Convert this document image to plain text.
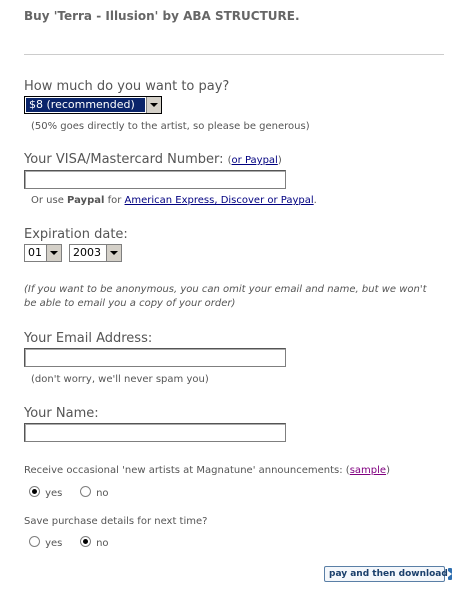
Buy 'Terra - Illusion' by ABA STRUCTURE.
How much do you want to pay?
$8 (recommended)
(50% goes directly to the artist, so please be generous)
Your VISA/Mastercard Number: (or Paypal)
Or use Paypal for American Express, Discover or Paypal.
Expiration date:
01	2003
(If you want to be anonymous, you can omit your email and name, but we won't
be able to email you a copy of your order)
Your Email Address:
(don't worry, we'll never spam you)
Your Name:
Receive occasional 'new artists at Magnatune' announcements: (sample)
yes	no
Save purchase details for next time?
yes	no
pay and then download
